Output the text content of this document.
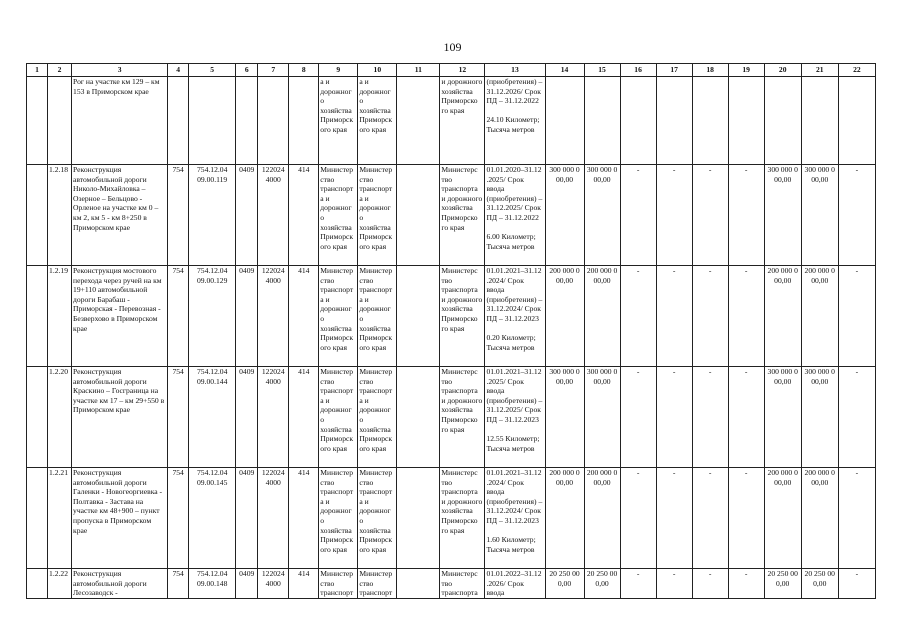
109
1	2	3	4	5	6	7	8	9	10	11	12	13	14	15	16	17	18	19	20	21	22
		Рог на участке км 129 – км 153 в Приморском крае						а и дорожног о хозяйства Приморск ого края	а и дорожног о хозяйства Приморск ого края		и дорожного хозяйства Приморско го края	(приобретения) – 31.12.2026/ Срок ПД – 31.12.2022

24.10 Километр; Тысяча метров									
	1.2.18	Реконструкция автомобильной дороги Николо-Михайловка – Озерное – Бельцово - Орленое на участке км 0 – км 2, км 5 - км 8+250 в Приморском крае	754	754.12.04 09.00.119	0409	122024 4000	414	Министер ство транспорт а и дорожног о хозяйства Приморск ого края	Министер ство транспорт а и дорожног о хозяйства Приморск ого края		Министерс тво транспорта и дорожного хозяйства Приморско го края	01.01.2020–31.12 .2025/ Срок ввода (приобретения) – 31.12.2025/ Срок ПД – 31.12.2022

6.00 Километр; Тысяча метров	300 000 0 00,00	300 000 0 00,00	-	-	-	-	300 000 0 00,00	300 000 0 00,00	-
	1.2.19	Реконструкция мостового перехода через ручей на км 19+110 автомобильной дороги Барабаш - Приморская - Перевозная - Безверхово в Приморском крае	754	754.12.04 09.00.129	0409	122024 4000	414	Министер ство транспорт а и дорожног о хозяйства Приморск ого края	Министер ство транспорт а и дорожног о хозяйства Приморск ого края		Министерс тво транспорта и дорожного хозяйства Приморско го края	01.01.2021–31.12 .2024/ Срок ввода (приобретения) – 31.12.2024/ Срок ПД – 31.12.2023

0.20 Километр; Тысяча метров	200 000 0 00,00	200 000 0 00,00	-	-	-	-	200 000 0 00,00	200 000 0 00,00	-
	1.2.20	Реконструкция автомобильной дороги Краскино – Госграница на участке км 17 – км 29+550 в Приморском крае	754	754.12.04 09.00.144	0409	122024 4000	414	Министер ство транспорт а и дорожног о хозяйства Приморск ого края	Министер ство транспорт а и дорожног о хозяйства Приморск ого края		Министерс тво транспорта и дорожного хозяйства Приморско го края	01.01.2021–31.12 .2025/ Срок ввода (приобретения) – 31.12.2025/ Срок ПД – 31.12.2023

12.55 Километр; Тысяча метров	300 000 0 00,00	300 000 0 00,00	-	-	-	-	300 000 0 00,00	300 000 0 00,00	-
	1.2.21	Реконструкция автомобильной дороги Галенки - Новогеоргиевка - Полтавка - Застава на участке км 48+900 – пункт пропуска в Приморском крае	754	754.12.04 09.00.145	0409	122024 4000	414	Министер ство транспорт а и дорожног о хозяйства Приморск ого края	Министер ство транспорт а и дорожног о хозяйства Приморск ого края		Министерс тво транспорта и дорожного хозяйства Приморско го края	01.01.2021–31.12 .2024/ Срок ввода (приобретения) – 31.12.2024/ Срок ПД – 31.12.2023

1.60 Километр; Тысяча метров	200 000 0 00,00	200 000 0 00,00	-	-	-	-	200 000 0 00,00	200 000 0 00,00	-
	1.2.22	Реконструкция автомобильной дороги Лесозаводск -	754	754.12.04 09.00.148	0409	122024 4000	414	Министер ство транспорт	Министер ство транспорт		Министерс тво транспорта	01.01.2022–31.12 .2026/ Срок ввода	20 250 00 0,00	20 250 00 0,00	-	-	-	-	20 250 00 0,00	20 250 00 0,00	-
